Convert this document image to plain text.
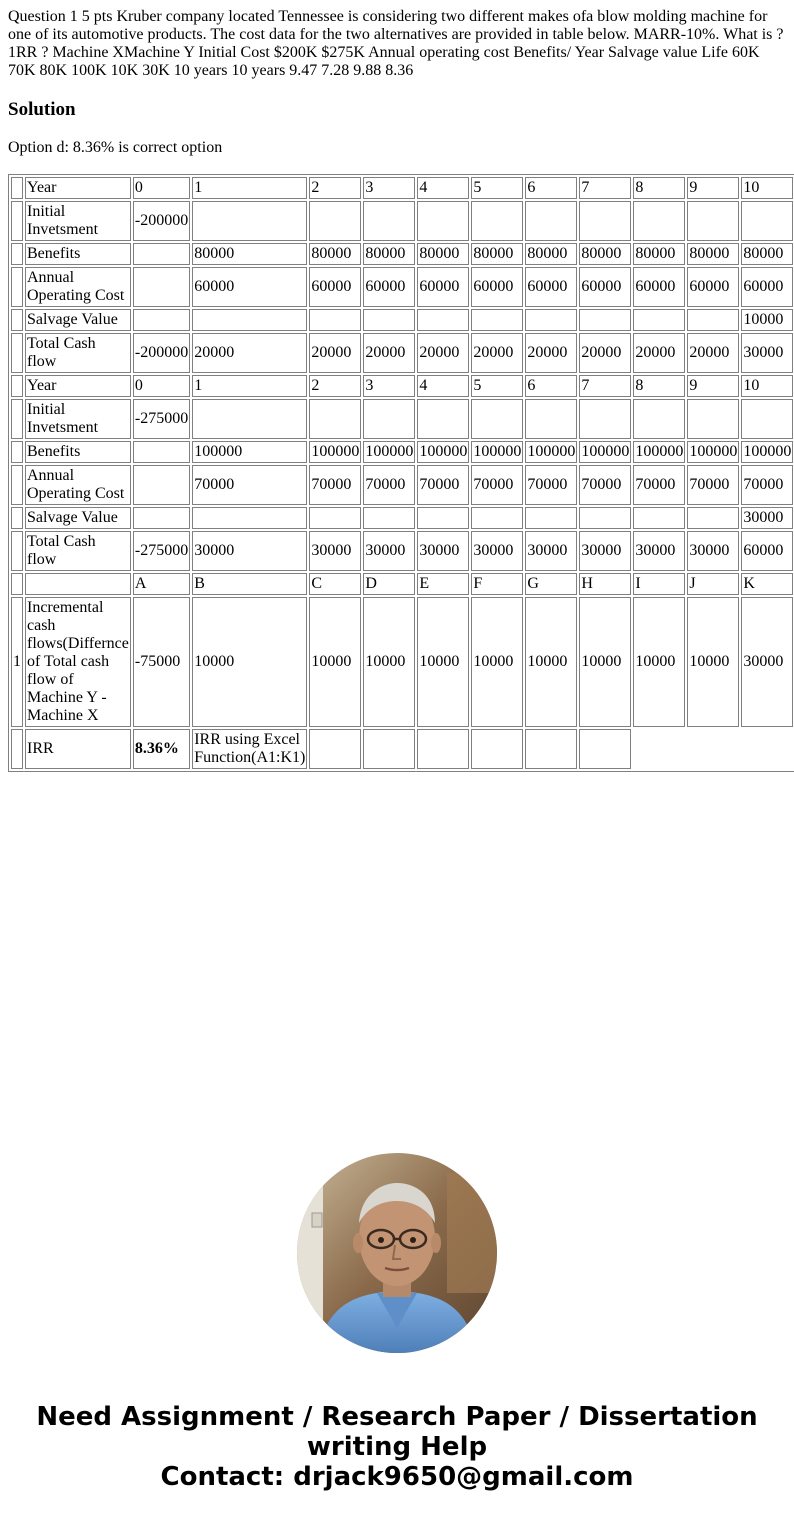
Question 1 5 pts Kruber company located Tennessee is considering two different makes ofa blow molding machine for one of its automotive products. The cost data for the two alternatives are provided in table below. MARR-10%. What is ? 1RR ? Machine XMachine Y Initial Cost $200K $275K Annual operating cost Benefits/ Year Salvage value Life 60K 70K 80K 100K 10K 30K 10 years 10 years 9.47 7.28 9.88 8.36

Solution

Option d: 8.36% is correct option

	Year	0	1	2	3	4	5	6	7	8	9	10
	Initial Invetsment	-200000										
	Benefits		80000	80000	80000	80000	80000	80000	80000	80000	80000	80000
	Annual Operating Cost		60000	60000	60000	60000	60000	60000	60000	60000	60000	60000
	Salvage Value											10000
	Total Cash flow	-200000	20000	20000	20000	20000	20000	20000	20000	20000	20000	30000
	Year	0	1	2	3	4	5	6	7	8	9	10
	Initial Invetsment	-275000										
	Benefits		100000	100000	100000	100000	100000	100000	100000	100000	100000	100000
	Annual Operating Cost		70000	70000	70000	70000	70000	70000	70000	70000	70000	70000
	Salvage Value											30000
	Total Cash flow	-275000	30000	30000	30000	30000	30000	30000	30000	30000	30000	60000
		A	B	C	D	E	F	G	H	I	J	K
1	Incremental cash flows(Differnce of Total cash flow of Machine Y - Machine X	-75000	10000	10000	10000	10000	10000	10000	10000	10000	10000	30000
	IRR	8.36%	IRR using Excel Function(A1:K1)									
Need Assignment / Research Paper / Dissertation
writing Help
Contact: drjack9650@gmail.com
